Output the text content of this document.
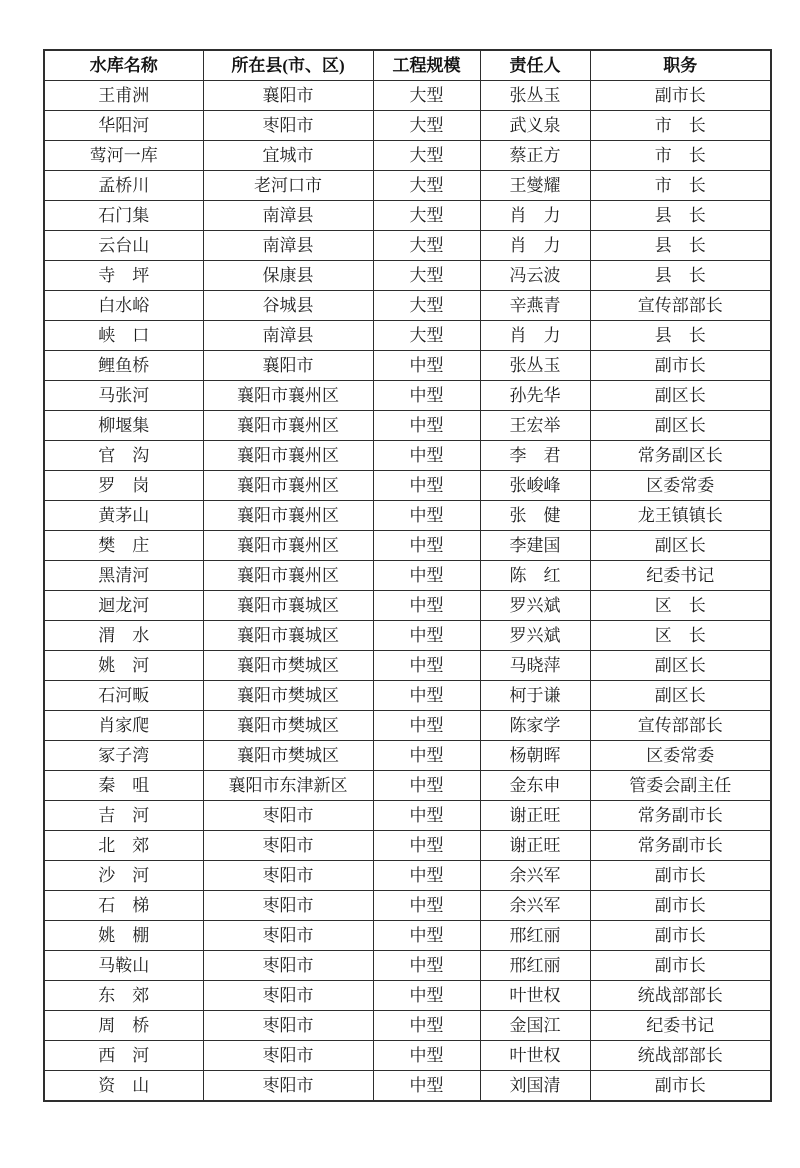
水库名称	所在县(市、区)	工程规模	责任人	职务
王甫洲	襄阳市	大型	张丛玉	副市长
华阳河	枣阳市	大型	武义泉	市　长
莺河一库	宜城市	大型	蔡正方	市　长
孟桥川	老河口市	大型	王燮耀	市　长
石门集	南漳县	大型	肖　力	县　长
云台山	南漳县	大型	肖　力	县　长
寺　坪	保康县	大型	冯云波	县　长
白水峪	谷城县	大型	辛燕青	宣传部部长
峡　口	南漳县	大型	肖　力	县　长
鲤鱼桥	襄阳市	中型	张丛玉	副市长
马张河	襄阳市襄州区	中型	孙先华	副区长
柳堰集	襄阳市襄州区	中型	王宏举	副区长
官　沟	襄阳市襄州区	中型	李　君	常务副区长
罗　岗	襄阳市襄州区	中型	张峻峰	区委常委
黄茅山	襄阳市襄州区	中型	张　健	龙王镇镇长
樊　庄	襄阳市襄州区	中型	李建国	副区长
黑清河	襄阳市襄州区	中型	陈　红	纪委书记
迴龙河	襄阳市襄城区	中型	罗兴斌	区　长
渭　水	襄阳市襄城区	中型	罗兴斌	区　长
姚　河	襄阳市樊城区	中型	马晓萍	副区长
石河畈	襄阳市樊城区	中型	柯于谦	副区长
肖家爬	襄阳市樊城区	中型	陈家学	宣传部部长
冢子湾	襄阳市樊城区	中型	杨朝晖	区委常委
秦　咀	襄阳市东津新区	中型	金东申	管委会副主任
吉　河	枣阳市	中型	谢正旺	常务副市长
北　郊	枣阳市	中型	谢正旺	常务副市长
沙　河	枣阳市	中型	余兴军	副市长
石　梯	枣阳市	中型	余兴军	副市长
姚　棚	枣阳市	中型	邢红丽	副市长
马鞍山	枣阳市	中型	邢红丽	副市长
东　郊	枣阳市	中型	叶世权	统战部部长
周　桥	枣阳市	中型	金国江	纪委书记
西　河	枣阳市	中型	叶世权	统战部部长
资　山	枣阳市	中型	刘国清	副市长
